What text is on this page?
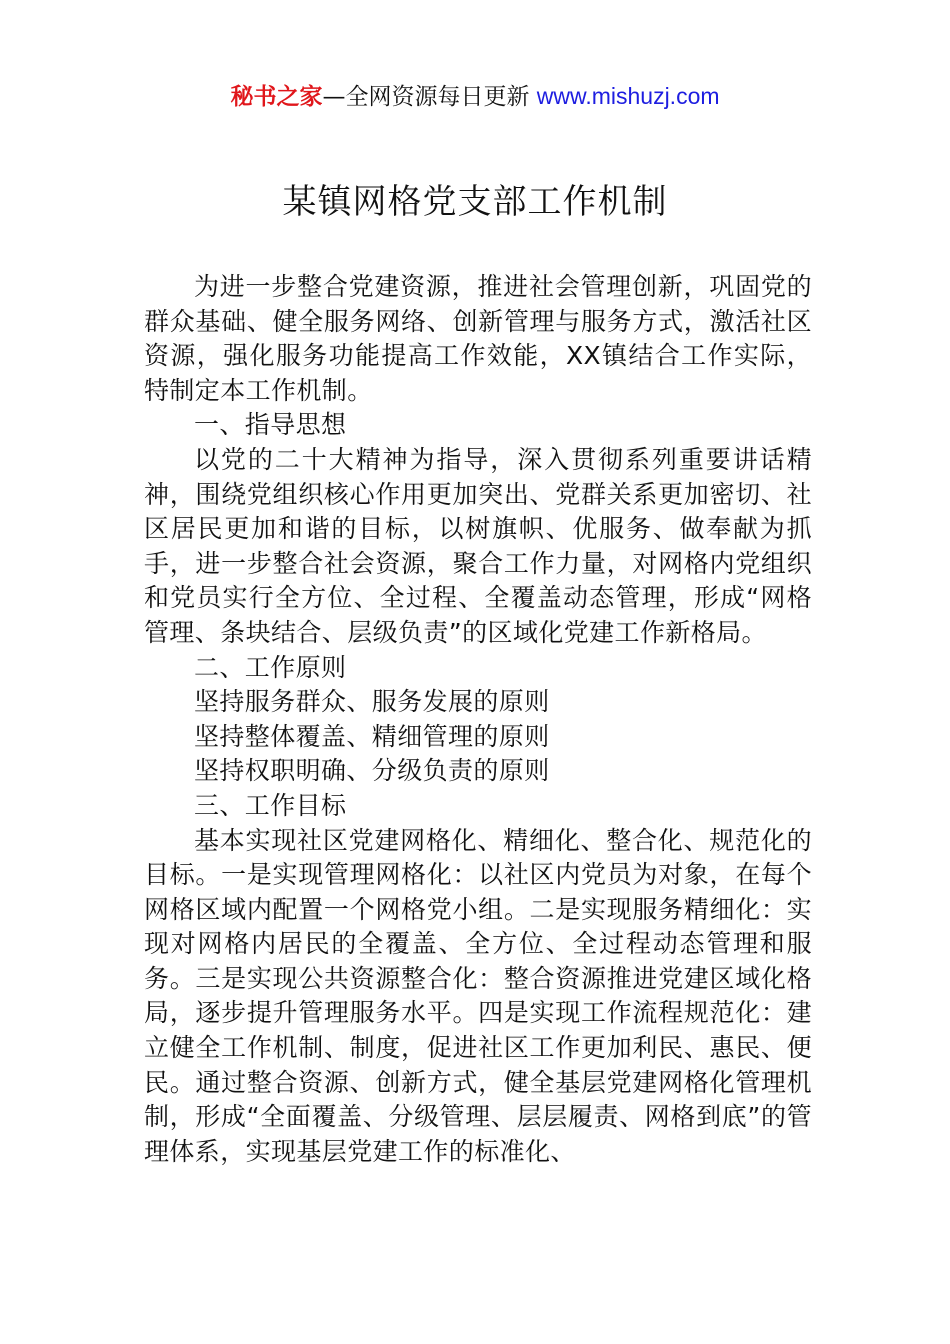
秘书之家—全网资源每日更新 www.mishuzj.com
某镇网格党支部工作机制

为进一步整合党建资源，推进社会管理创新，巩固党的群众基础、健全服务网络、创新管理与服务方式，激活社区资源，强化服务功能提高工作效能，XX镇结合工作实际，特制定本工作机制。

一、指导思想

以党的二十大精神为指导，深入贯彻系列重要讲话精神，围绕党组织核心作用更加突出、党群关系更加密切、社区居民更加和谐的目标，以树旗帜、优服务、做奉献为抓手，进一步整合社会资源，聚合工作力量，对网格内党组织和党员实行全方位、全过程、全覆盖动态管理，形成“网格管理、条块结合、层级负责”的区域化党建工作新格局。

二、工作原则

坚持服务群众、服务发展的原则

坚持整体覆盖、精细管理的原则

坚持权职明确、分级负责的原则

三、工作目标

基本实现社区党建网格化、精细化、整合化、规范化的目标。一是实现管理网格化：以社区内党员为对象，在每个网格区域内配置一个网格党小组。二是实现服务精细化：实现对网格内居民的全覆盖、全方位、全过程动态管理和服务。三是实现公共资源整合化：整合资源推进党建区域化格局，逐步提升管理服务水平。四是实现工作流程规范化：建立健全工作机制、制度，促进社区工作更加利民、惠民、便民。通过整合资源、创新方式，健全基层党建网格化管理机制，形成“全面覆盖、分级管理、层层履责、网格到底”的管理体系，实现基层党建工作的标准化、
